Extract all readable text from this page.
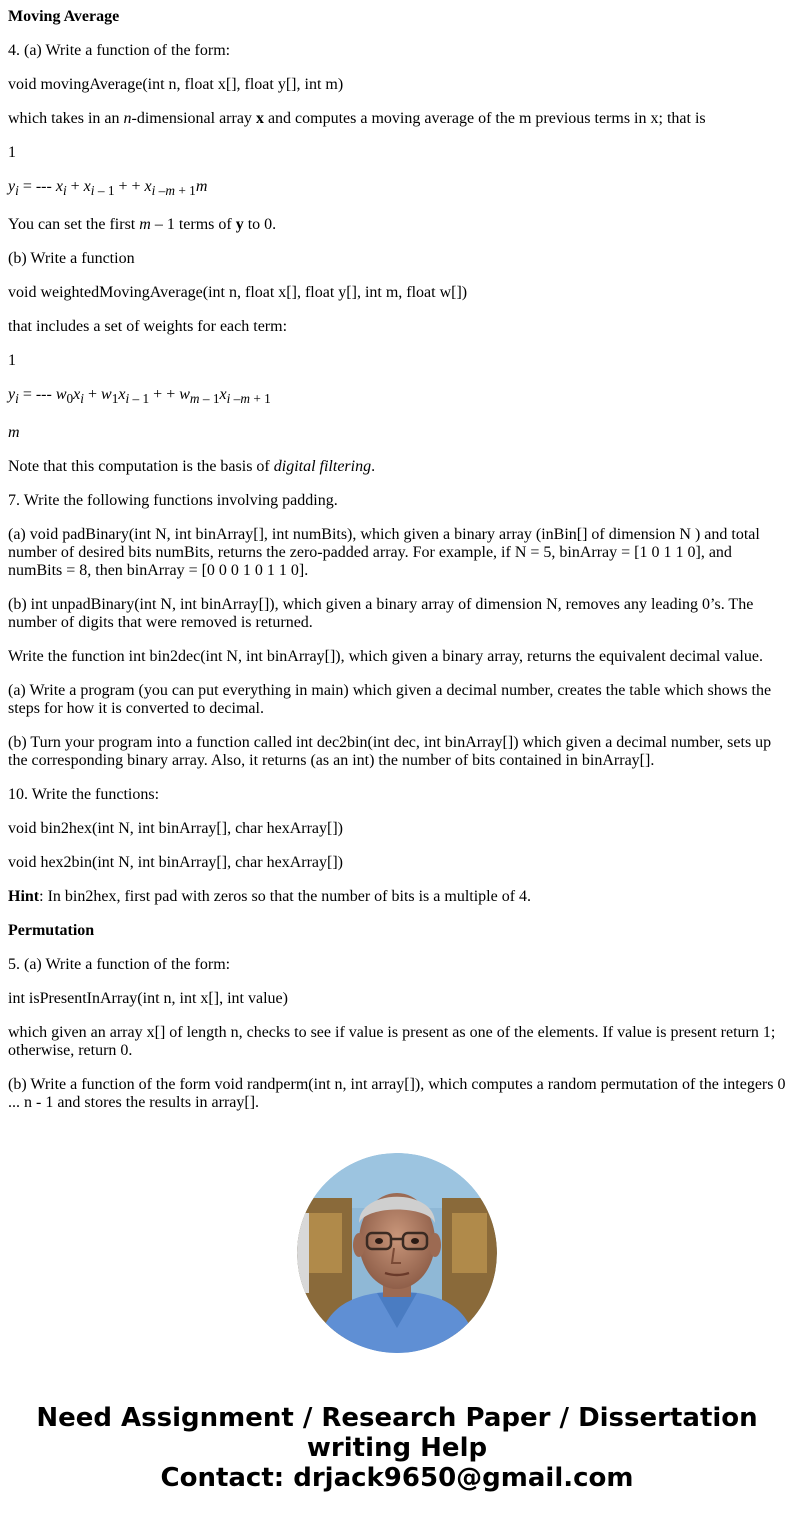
Moving Average

4. (a) Write a function of the form:

void movingAverage(int n, float x[], float y[], int m)

which takes in an n-dimensional array x and computes a moving average of the m previous terms in x; that is

1

$y_i$ = --- $x_i + x_{i - 1}$ + + $x_{i -m + 1}m$

You can set the first m – 1 terms of y to 0.

(b) Write a function

void weightedMovingAverage(int n, float x[], float y[], int m, float w[])

that includes a set of weights for each term:

1

$y_i$ = --- $w_0x_i + w_1x_{i - 1}$ + + $w_{m - 1}x_{i -m + 1}$

m

Note that this computation is the basis of digital filtering.

7. Write the following functions involving padding.

(a) void padBinary(int N, int binArray[], int numBits), which given a binary array (inBin[] of dimension N ) and total number of desired bits numBits, returns the zero-padded array. For example, if N = 5, binArray = [1 0 1 1 0], and numBits = 8, then binArray = [0 0 0 1 0 1 1 0].

(b) int unpadBinary(int N, int binArray[]), which given a binary array of dimension N, removes any leading 0’s. The number of digits that were removed is returned.

Write the function int bin2dec(int N, int binArray[]), which given a binary array, returns the equivalent decimal value.

(a) Write a program (you can put everything in main) which given a decimal number, creates the table which shows the steps for how it is converted to decimal.

(b) Turn your program into a function called int dec2bin(int dec, int binArray[]) which given a decimal number, sets up the corresponding binary array. Also, it returns (as an int) the number of bits contained in binArray[].

10. Write the functions:

void bin2hex(int N, int binArray[], char hexArray[])

void hex2bin(int N, int binArray[], char hexArray[])

Hint: In bin2hex, first pad with zeros so that the number of bits is a multiple of 4.

Permutation

5. (a) Write a function of the form:

int isPresentInArray(int n, int x[], int value)

which given an array x[] of length n, checks to see if value is present as one of the elements. If value is present return 1; otherwise, return 0.

(b) Write a function of the form void randperm(int n, int array[]), which computes a random permutation of the integers 0 ... n - 1 and stores the results in array[].

Need Assignment / Research Paper / Dissertation
writing Help
Contact: drjack9650@gmail.com
